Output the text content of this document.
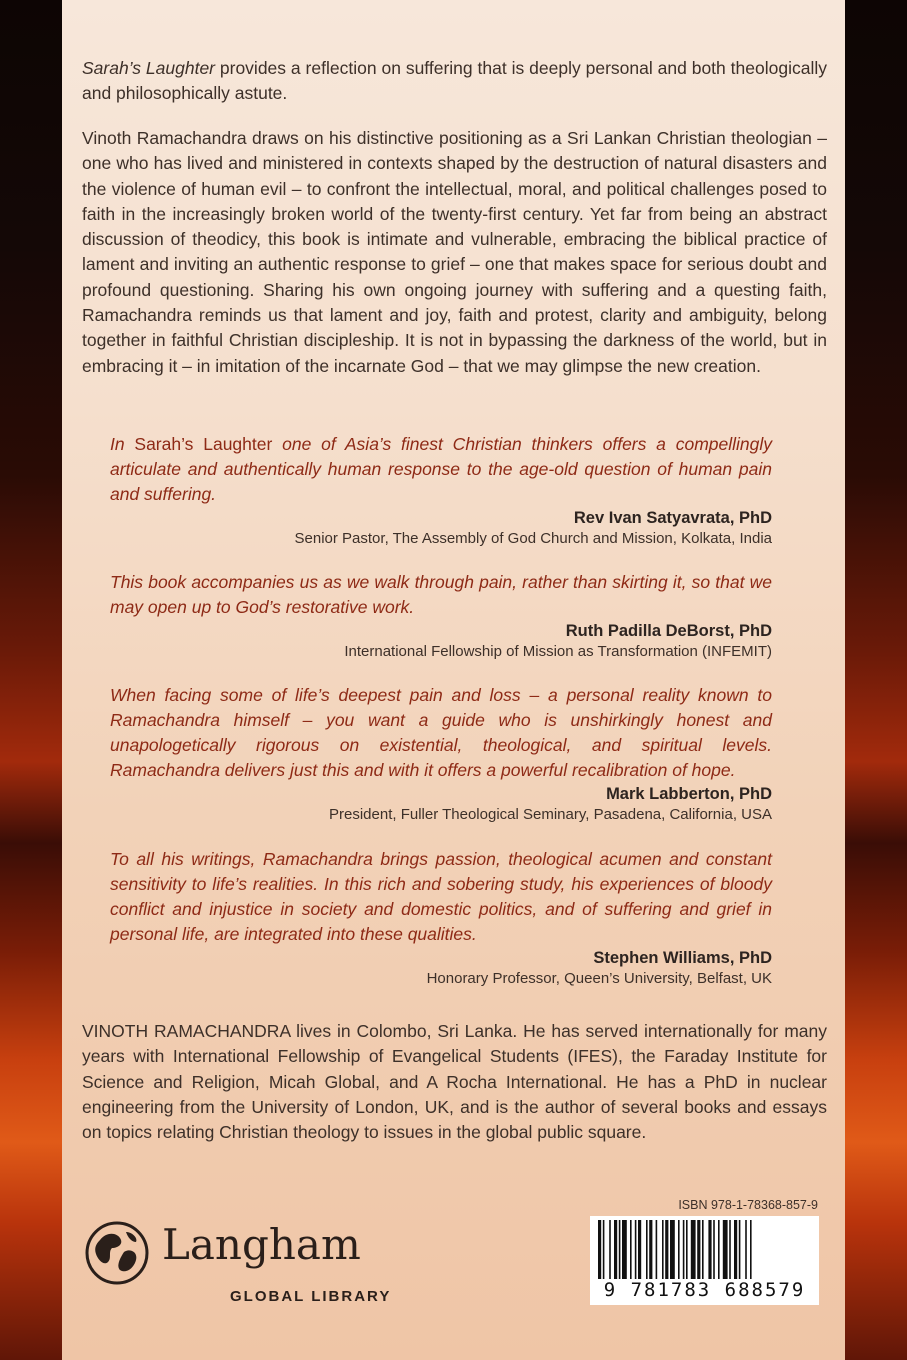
Sarah’s Laughter provides a reflection on suffering that is deeply personal and both theologically and philosophically astute.

Vinoth Ramachandra draws on his distinctive positioning as a Sri Lankan Christian theologian – one who has lived and ministered in contexts shaped by the destruction of natural disasters and the violence of human evil – to confront the intellectual, moral, and political challenges posed to faith in the increasingly broken world of the twenty-first century. Yet far from being an abstract discussion of theodicy, this book is intimate and vulnerable, embracing the biblical practice of lament and inviting an authentic response to grief – one that makes space for serious doubt and profound questioning. Sharing his own ongoing journey with suffering and a questing faith, Ramachandra reminds us that lament and joy, faith and protest, clarity and ambiguity, belong together in faithful Christian discipleship. It is not in bypassing the darkness of the world, but in embracing it – in imitation of the incarnate God – that we may glimpse the new creation.

In Sarah’s Laughter one of Asia’s finest Christian thinkers offers a compellingly articulate and authentically human response to the age-old question of human pain and suffering.

Rev Ivan Satyavrata, PhD

Senior Pastor, The Assembly of God Church and Mission, Kolkata, India

This book accompanies us as we walk through pain, rather than skirting it, so that we may open up to God’s restorative work.

Ruth Padilla DeBorst, PhD

International Fellowship of Mission as Transformation (INFEMIT)

When facing some of life’s deepest pain and loss – a personal reality known to Ramachandra himself – you want a guide who is unshirkingly honest and unapologetically rigorous on existential, theological, and spiritual levels. Ramachandra delivers just this and with it offers a powerful recalibration of hope.

Mark Labberton, PhD

President, Fuller Theological Seminary, Pasadena, California, USA

To all his writings, Ramachandra brings passion, theological acumen and constant sensitivity to life’s realities. In this rich and sobering study, his experiences of bloody conflict and injustice in society and domestic politics, and of suffering and grief in personal life, are integrated into these qualities.

Stephen Williams, PhD

Honorary Professor, Queen’s University, Belfast, UK

VINOTH RAMACHANDRA lives in Colombo, Sri Lanka. He has served internationally for many years with International Fellowship of Evangelical Students (IFES), the Faraday Institute for Science and Religion, Micah Global, and A Rocha International. He has a PhD in nuclear engineering from the University of London, UK, and is the author of several books and essays on topics relating Christian theology to issues in the global public square.

Langham
GLOBAL LIBRARY
ISBN 978-1-78368-857-9
9 781783 688579
